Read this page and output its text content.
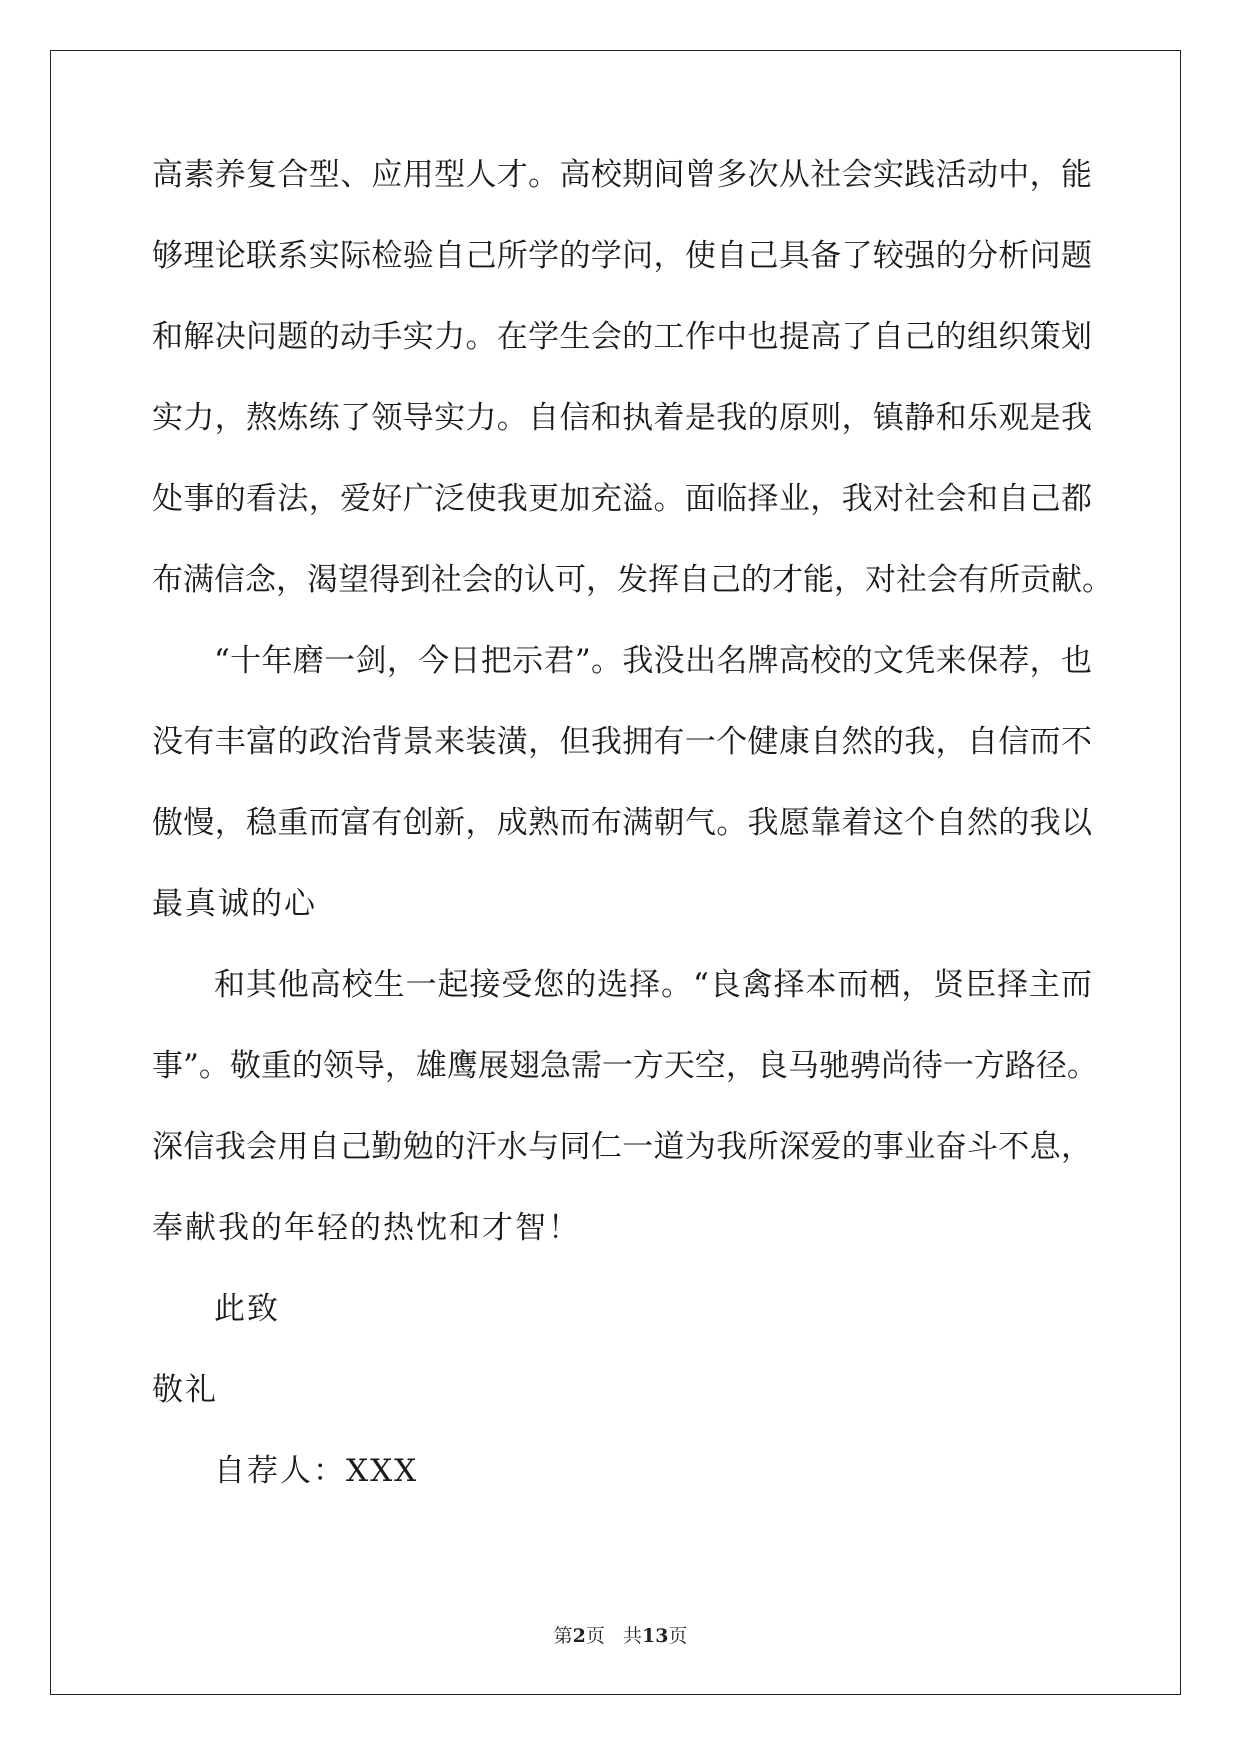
高素养复合型、应用型人才。高校期间曾多次从社会实践活动中，能
够理论联系实际检验自己所学的学问，使自己具备了较强的分析问题
和解决问题的动手实力。在学生会的工作中也提高了自己的组织策划
实力，熬炼练了领导实力。自信和执着是我的原则，镇静和乐观是我
处事的看法，爱好广泛使我更加充溢。面临择业，我对社会和自己都
布满信念，渴望得到社会的认可，发挥自己的才能，对社会有所贡献。
“十年磨一剑，今日把示君”。我没出名牌高校的文凭来保荐，也
没有丰富的政治背景来装潢，但我拥有一个健康自然的我，自信而不
傲慢，稳重而富有创新，成熟而布满朝气。我愿靠着这个自然的我以
最真诚的心
和其他高校生一起接受您的选择。“良禽择本而栖，贤臣择主而
事”。敬重的领导，雄鹰展翅急需一方天空，良马驰骋尚待一方路径。
深信我会用自己勤勉的汗水与同仁一道为我所深爱的事业奋斗不息，
奉献我的年轻的热忱和才智！
此致
敬礼
自荐人：XXX
第2页 共13页
